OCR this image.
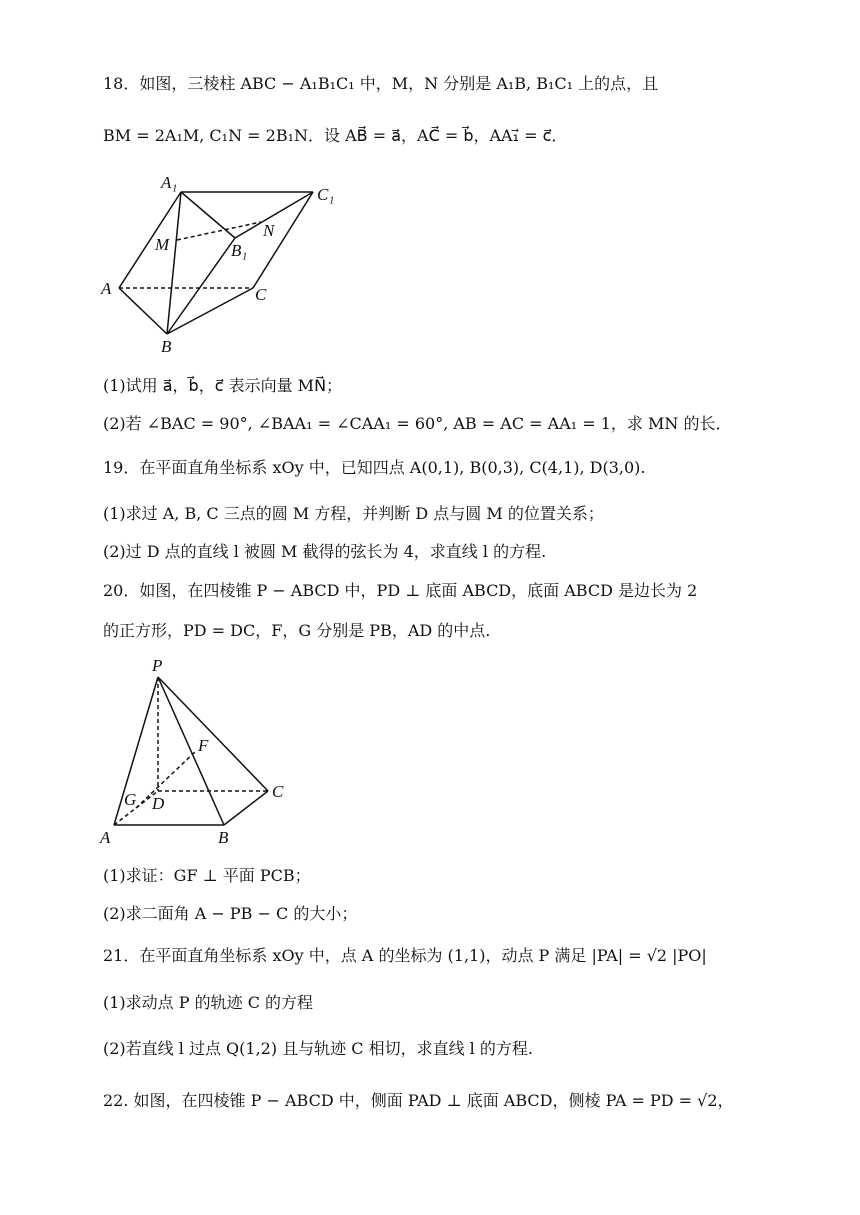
18．如图，三棱柱 ABC − A₁B₁C₁ 中，M，N 分别是 A₁B, B₁C₁ 上的点，且
BM = 2A₁M, C₁N = 2B₁N．设 AB⃗ = a⃗，AC⃗ = b⃗，AA₁⃗ = c⃗．
A₁
C₁
M
N
B₁
A	C
B
(1)试用 a⃗，b⃗，c⃗ 表示向量 MN⃗；
(2)若 ∠BAC = 90°, ∠BAA₁ = ∠CAA₁ = 60°, AB = AC = AA₁ = 1，求 MN 的长．
19．在平面直角坐标系 xOy 中，已知四点 A(0,1), B(0,3), C(4,1), D(3,0).
(1)求过 A, B, C 三点的圆 M 方程，并判断 D 点与圆 M 的位置关系；
(2)过 D 点的直线 l 被圆 M 截得的弦长为 4，求直线 l 的方程.
20．如图，在四棱锥 P − ABCD 中，PD ⊥ 底面 ABCD，底面 ABCD 是边长为 2
的正方形，PD = DC，F，G 分别是 PB，AD 的中点.
P
F
G D
C
A	B
(1)求证：GF ⊥ 平面 PCB；
(2)求二面角 A − PB − C 的大小；
21．在平面直角坐标系 xOy 中，点 A 的坐标为 (1,1)，动点 P 满足 |PA| = √2 |PO|
(1)求动点 P 的轨迹 C 的方程
(2)若直线 l 过点 Q(1,2) 且与轨迹 C 相切，求直线 l 的方程.
22. 如图，在四棱锥 P − ABCD 中，侧面 PAD ⊥ 底面 ABCD，侧棱 PA = PD = √2，
